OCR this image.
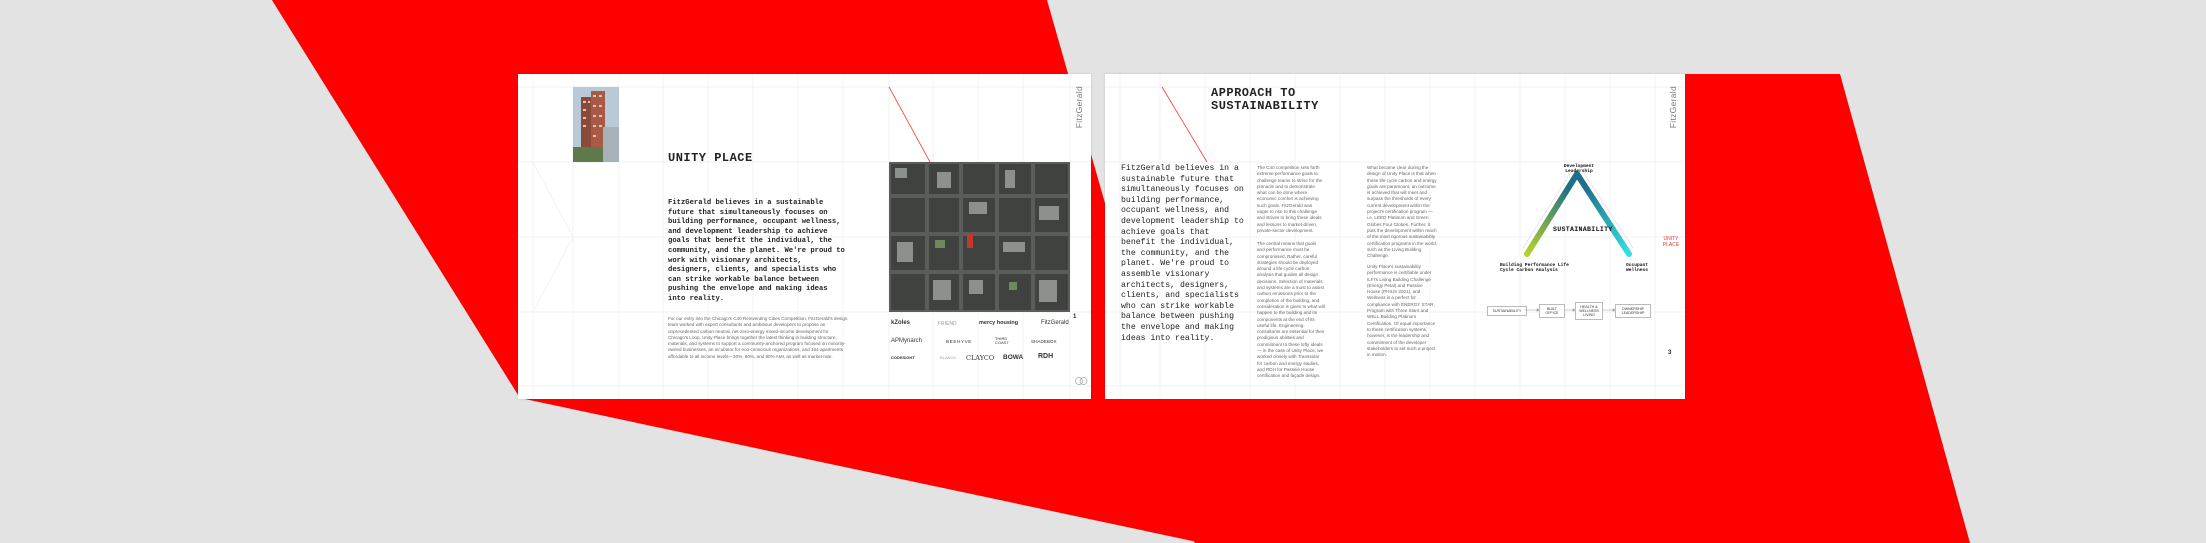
UNITY PLACE

FitzGerald believes in a sustainable future that simultaneously focuses on building performance, occupant wellness, and development leadership to achieve goals that benefit the individual, the community, and the planet. We're proud to work with visionary architects, designers, clients, and specialists who can strike workable balance between pushing the envelope and making ideas into reality.

For our entry into the Chicago's C40 Reinventing Cities Competition, FitzGerald's design team worked with expert consultants and ambitious developers to propose an unprecedented carbon-neutral, net-zero-energy mixed-income development for Chicago's Loop. Unity Place brings together the latest thinking in building structure, materials, and systems to support a community-anchored program focused on minority-owned businesses, an incubator for eco-conscious organizations, and 164 apartments affordable to all income levels—30%, 60%, and 80% AMI, as well as market-rate.

FitzGerald
1
kZoles	FRIEND	mercy housing	FitzGerald
APMynarch	BEEHYVE
THIRD COAST	SHADEBOX
CODESIGHT	ELANCK CLAYCO BOWA RDH
APPROACH TO
SUSTAINABILITY

FitzGerald believes in a sustainable future that simultaneously focuses on building performance, occupant wellness, and development leadership to achieve goals that benefit the individual, the community, and the planet. We're proud to assemble visionary architects, designers, clients, and specialists who can strike workable balance between pushing the envelope and making ideas into reality.

The C40 competition sets forth extreme performance goals to challenge teams to strive for the pinnacle and to demonstrate what can be done where economic comfort is achieving such goals. FitzGerald was eager to rise to this challenge and strives to bring these ideals and lessons to market-driven, private-sector development.

The central means that goals and performance must be compromised. Rather, careful strategies should be deployed around a life cycle carbon analysis that guides all design decisions. Selection of materials and systems are a must to assist carbon emissions prior to the completion of the building, and consideration is given to what will happen to the building and its components at the end of its useful life. Engineering consultants are essential for their prodigious abilities and commitment to these lofty ideals — in the case of Unity Place, we worked closely with Transsolar for carbon and energy studies, and RDH for Passive House certification and façade design.

What became clear during the design of Unity Place is that when these life cycle carbon and energy goals are paramount, an outcome is achieved that will meet and surpass the thresholds of every current development within the project's certification program — i.e. LEED Platinum and Green Globes Four Globes. Further, it puts the development within reach of the most rigorous sustainability certification programs in the world, such as the Living Building Challenge.

Unity Place's sustainability performance is certifiable under ILFI's Living Building Challenge (Energy Petal) and Passive House (PHIUS 2021), and Wellness is a perfect for compliance with ENERGY STAR, Program with Three Stars and WELL Building Platinum Certification. Of equal importance to these certification systems, however, is the leadership and commitment of the developer stakeholders to set such a project in motion.

SUSTAINABILITY
Development Leadership
Building Performance Life Cycle Carbon Analysis
Occupant Wellness
UNITY PLACE
SUSTAINABILITY	BUILT OFFICE
HEALTH & WELLNESS LIVING
OWNERSHIP LEADERSHIP
FitzGerald
3
